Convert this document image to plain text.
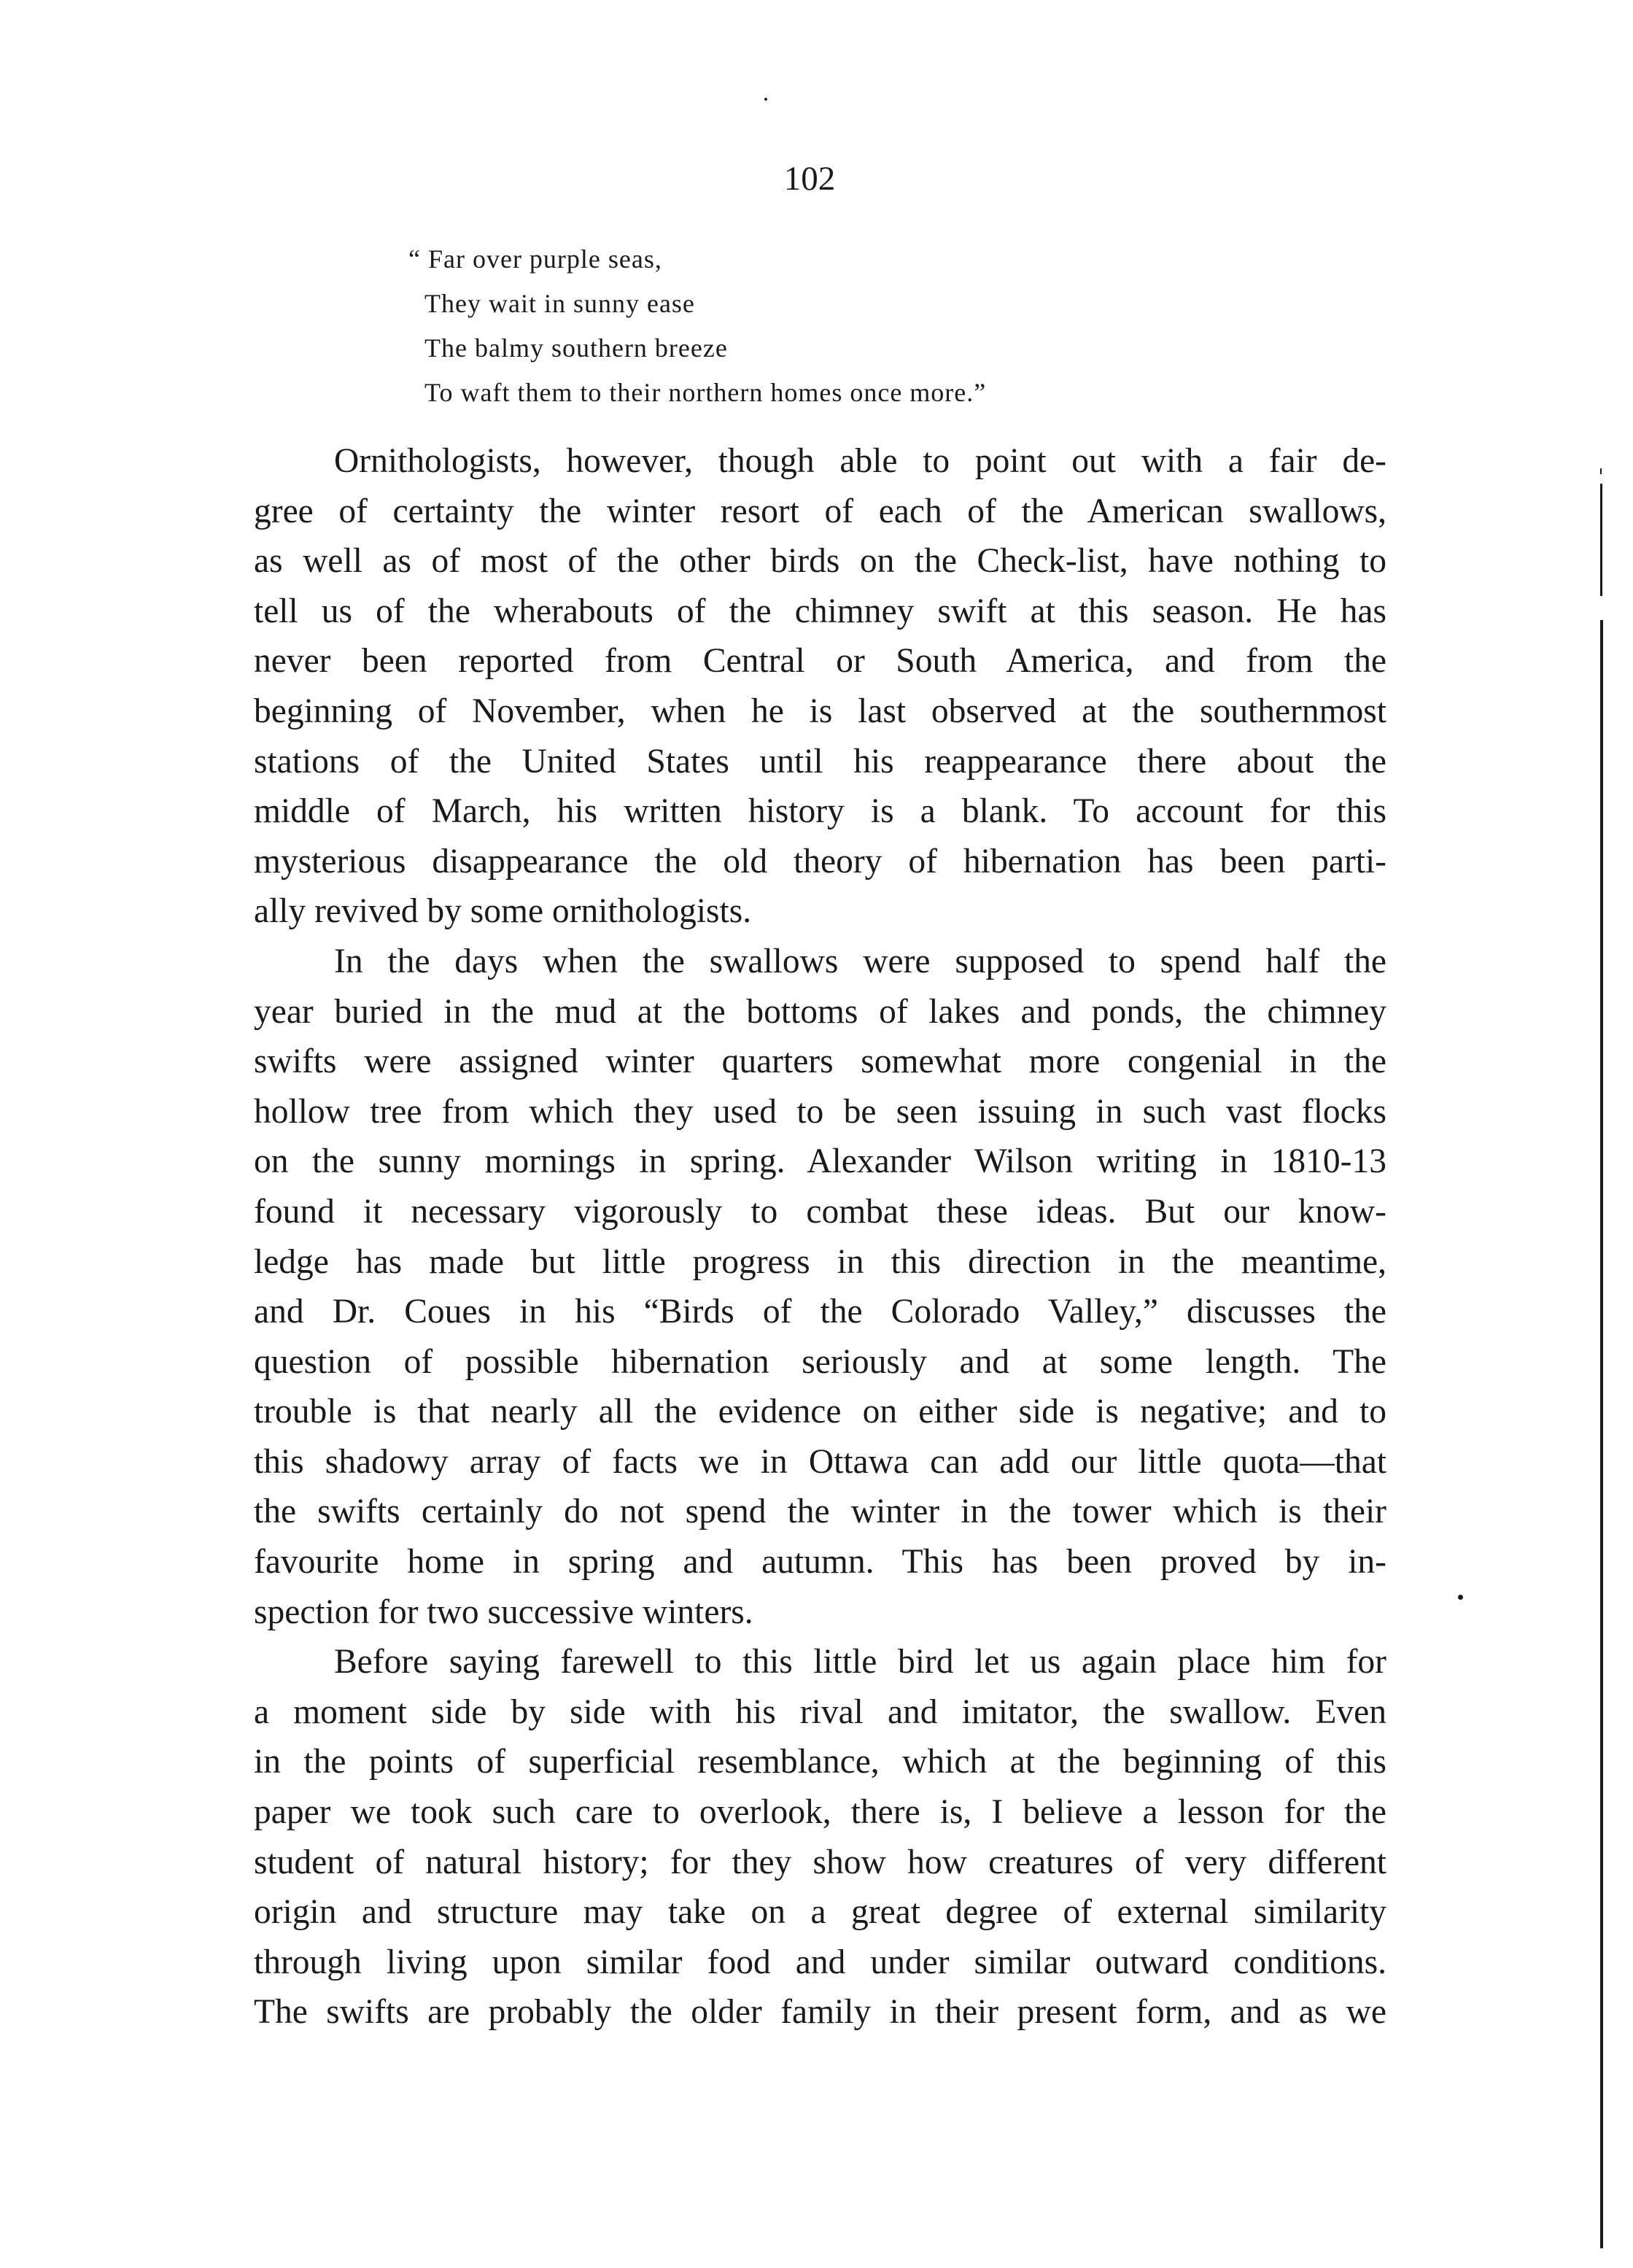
102
“ Far over purple seas,
They wait in sunny ease
The balmy southern breeze
To waft them to their northern homes once more.”
Ornithologists, however, though able to point out with a fair de-
gree of certainty the winter resort of each of the American swallows,
as well as of most of the other birds on the Check-list, have nothing to
tell us of the wherabouts of the chimney swift at this season. He has
never been reported from Central or South America, and from the
beginning of November, when he is last observed at the southernmost
stations of the United States until his reappearance there about the
middle of March, his written history is a blank. To account for this
mysterious disappearance the old theory of hibernation has been parti-
ally revived by some ornithologists.
In the days when the swallows were supposed to spend half the
year buried in the mud at the bottoms of lakes and ponds, the chimney
swifts were assigned winter quarters somewhat more congenial in the
hollow tree from which they used to be seen issuing in such vast flocks
on the sunny mornings in spring. Alexander Wilson writing in 1810-13
found it necessary vigorously to combat these ideas. But our know-
ledge has made but little progress in this direction in the meantime,
and Dr. Coues in his “Birds of the Colorado Valley,” discusses the
question of possible hibernation seriously and at some length. The
trouble is that nearly all the evidence on either side is negative; and to
this shadowy array of facts we in Ottawa can add our little quota—that
the swifts certainly do not spend the winter in the tower which is their
favourite home in spring and autumn. This has been proved by in-
spection for two successive winters.
Before saying farewell to this little bird let us again place him for
a moment side by side with his rival and imitator, the swallow. Even
in the points of superficial resemblance, which at the beginning of this
paper we took such care to overlook, there is, I believe a lesson for the
student of natural history; for they show how creatures of very different
origin and structure may take on a great degree of external similarity
through living upon similar food and under similar outward conditions.
The swifts are probably the older family in their present form, and as we
